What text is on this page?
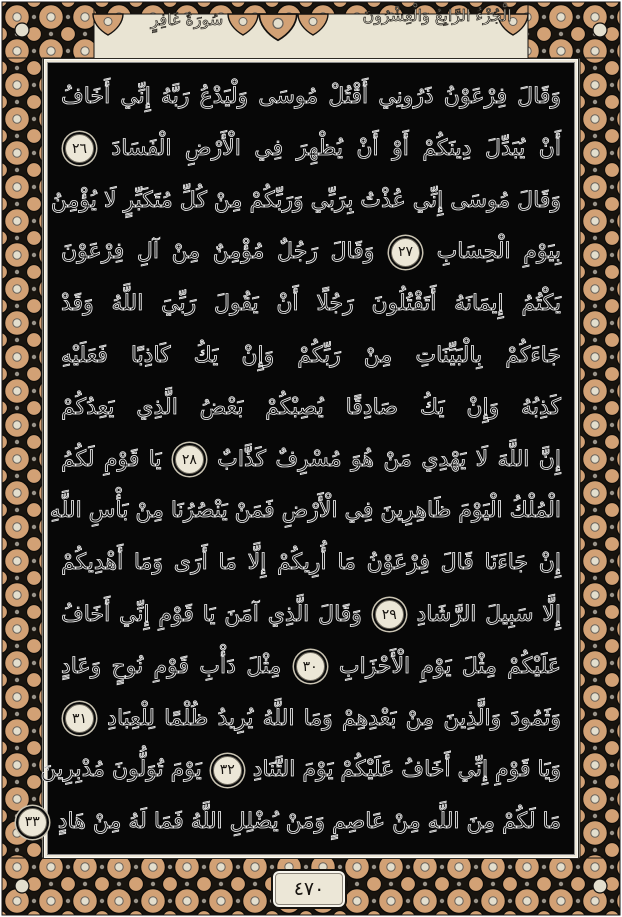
سُورَةُ غَافِرٍ	الْجُزْءُ الرَّابِعُ وَالْعِشْرُونَ
وَقَالَ فِرْعَوْنُ ذَرُونِي أَقْتُلْ مُوسَى وَلْيَدْعُ رَبَّهُ إِنِّي أَخَافُ
أَنْ يُبَدِّلَ دِينَكُمْ أَوْ أَنْ يُظْهِرَ فِي الْأَرْضِ الْفَسَادَ ٢٦
وَقَالَ مُوسَى إِنِّي عُذْتُ بِرَبِّي وَرَبِّكُمْ مِنْ كُلِّ مُتَكَبِّرٍ لَا يُؤْمِنُ
بِيَوْمِ الْحِسَابِ ٢٧ وَقَالَ رَجُلٌ مُؤْمِنٌ مِنْ آلِ فِرْعَوْنَ
يَكْتُمُ إِيمَانَهُ أَتَقْتُلُونَ رَجُلًا أَنْ يَقُولَ رَبِّيَ اللَّهُ وَقَدْ
جَاءَكُمْ بِالْبَيِّنَاتِ مِنْ رَبِّكُمْ وَإِنْ يَكُ كَاذِبًا فَعَلَيْهِ
كَذِبُهُ وَإِنْ يَكُ صَادِقًا يُصِبْكُمْ بَعْضُ الَّذِي يَعِدُكُمْ
إِنَّ اللَّهَ لَا يَهْدِي مَنْ هُوَ مُسْرِفٌ كَذَّابٌ ٢٨ يَا قَوْمِ لَكُمُ
الْمُلْكُ الْيَوْمَ ظَاهِرِينَ فِي الْأَرْضِ فَمَنْ يَنْصُرُنَا مِنْ بَأْسِ اللَّهِ
إِنْ جَاءَنَا قَالَ فِرْعَوْنُ مَا أُرِيكُمْ إِلَّا مَا أَرَى وَمَا أَهْدِيكُمْ
إِلَّا سَبِيلَ الرَّشَادِ ٢٩ وَقَالَ الَّذِي آمَنَ يَا قَوْمِ إِنِّي أَخَافُ
عَلَيْكُمْ مِثْلَ يَوْمِ الْأَحْزَابِ ٣٠ مِثْلَ دَأْبِ قَوْمِ نُوحٍ وَعَادٍ
وَثَمُودَ وَالَّذِينَ مِنْ بَعْدِهِمْ وَمَا اللَّهُ يُرِيدُ ظُلْمًا لِلْعِبَادِ ٣١
وَيَا قَوْمِ إِنِّي أَخَافُ عَلَيْكُمْ يَوْمَ التَّنَادِ ٣٢ يَوْمَ تُوَلُّونَ مُدْبِرِينَ
مَا لَكُمْ مِنَ اللَّهِ مِنْ عَاصِمٍ وَمَنْ يُضْلِلِ اللَّهُ فَمَا لَهُ مِنْ هَادٍ ٣٣
٤٧٠
